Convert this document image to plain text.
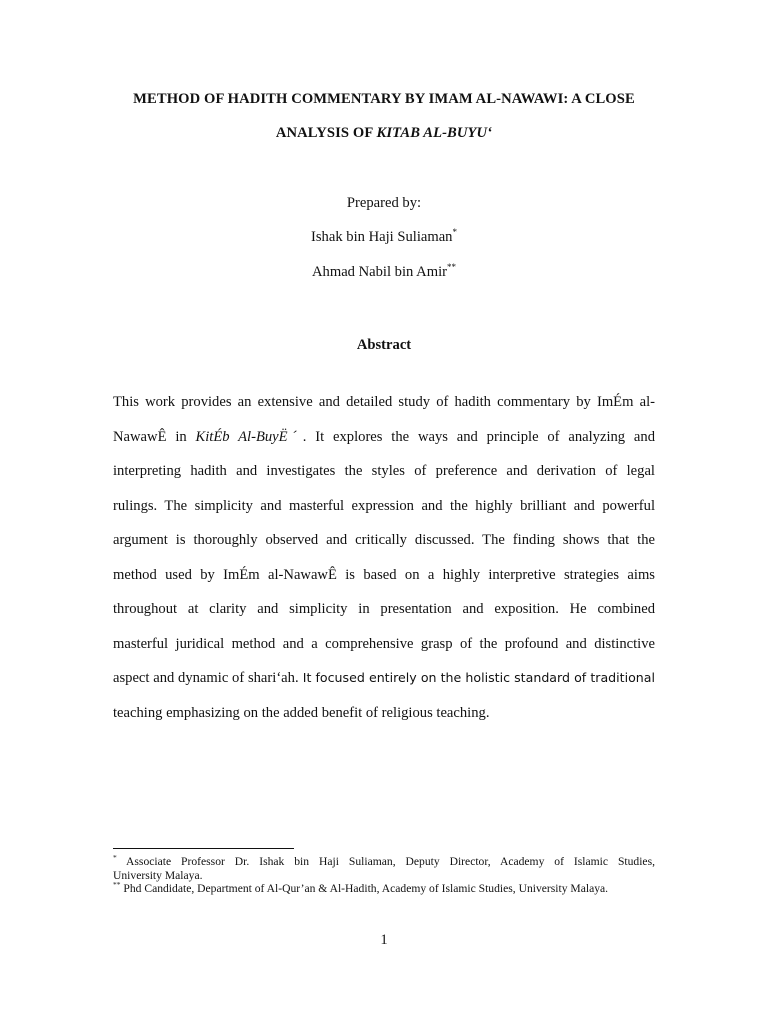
METHOD OF HADITH COMMENTARY BY IMAM AL-NAWAWI: A CLOSE
ANALYSIS OF KITAB AL-BUYU‘
Prepared by:
Ishak bin Haji Suliaman*
Ahmad Nabil bin Amir**
Abstract
This work provides an extensive and detailed study of hadith commentary by ImÉm al-
NawawÊ in KitÉb Al-BuyËˊ. It explores the ways and principle of analyzing and
interpreting hadith and investigates the styles of preference and derivation of legal
rulings. The simplicity and masterful expression and the highly brilliant and powerful
argument is thoroughly observed and critically discussed. The finding shows that the
method used by ImÉm al-NawawÊ is based on a highly interpretive strategies aims
throughout at clarity and simplicity in presentation and exposition. He combined
masterful juridical method and a comprehensive grasp of the profound and distinctive
aspect and dynamic of shari‘ah. It focused entirely on the holistic standard of traditional
teaching emphasizing on the added benefit of religious teaching.
* Associate Professor Dr. Ishak bin Haji Suliaman, Deputy Director, Academy of Islamic Studies,
University Malaya.
** Phd Candidate, Department of Al-Qur’an & Al-Hadith, Academy of Islamic Studies, University Malaya.
1
